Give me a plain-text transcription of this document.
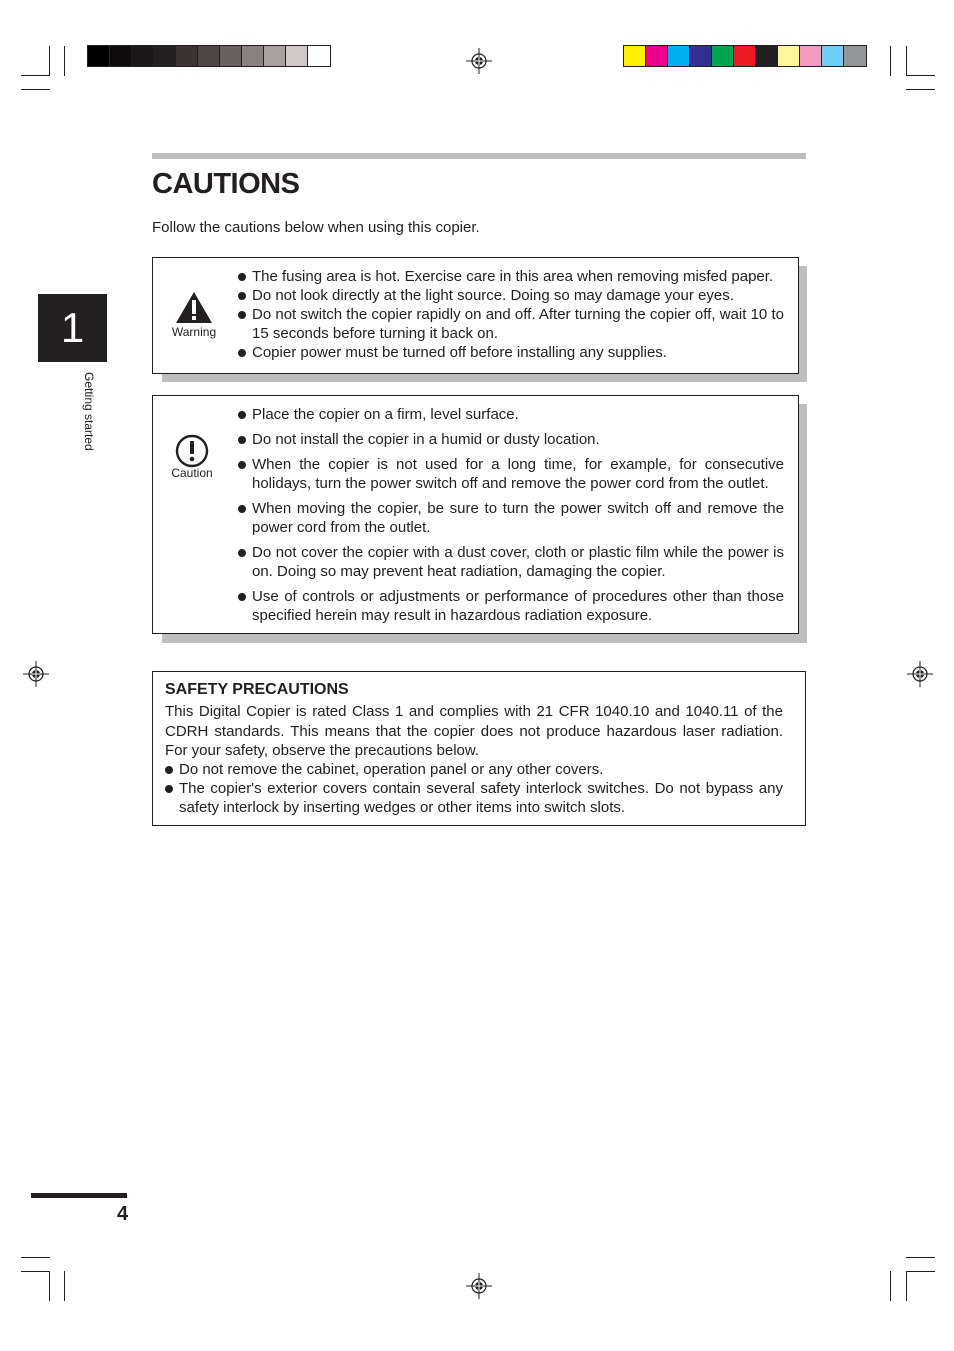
1
Getting started
CAUTIONS

Follow the cautions below when using this copier.

Warning
The fusing area is hot. Exercise care in this area when removing misfed paper.
Do not look directly at the light source. Doing so may damage your eyes.
Do not switch the copier rapidly on and off. After turning the copier off, wait 10 to 15 seconds before turning it back on.
Copier power must be turned off before installing any supplies.
Caution
Place the copier on a firm, level surface.
Do not install the copier in a humid or dusty location.
When the copier is not used for a long time, for example, for consecutive holidays, turn the power switch off and remove the power cord from the outlet.
When moving the copier, be sure to turn the power switch off and remove the power cord from the outlet.
Do not cover the copier with a dust cover, cloth or plastic film while the power is on. Doing so may prevent heat radiation, damaging the copier.
Use of controls or adjustments or performance of procedures other than those specified herein may result in hazardous radiation exposure.
SAFETY PRECAUTIONS

This Digital Copier is rated Class 1 and complies with 21 CFR 1040.10 and 1040.11 of the CDRH standards. This means that the copier does not produce hazardous laser radiation. For your safety, observe the precautions below.

Do not remove the cabinet, operation panel or any other covers.
The copier's exterior covers contain several safety interlock switches. Do not bypass any safety interlock by inserting wedges or other items into switch slots.
4
